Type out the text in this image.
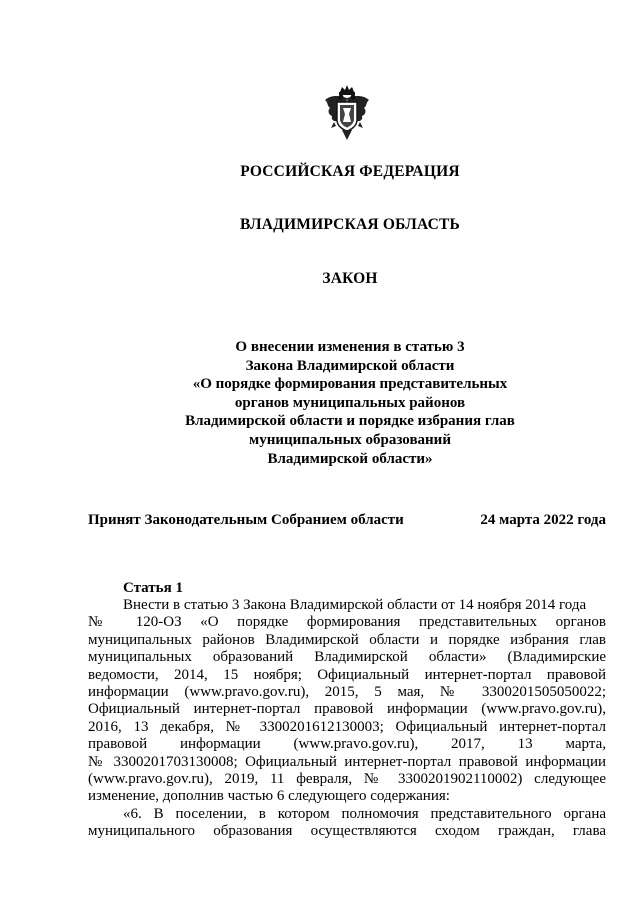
РОССИЙСКАЯ ФЕДЕРАЦИЯ
ВЛАДИМИРСКАЯ ОБЛАСТЬ
ЗАКОН
О внесении изменения в статью 3
Закона Владимирской области
«О порядке формирования представительных
органов муниципальных районов
Владимирской области и порядке избрания глав
муниципальных образований
Владимирской области»
Принят Законодательным Собранием области	24 марта 2022 года
Статья 1
Внести в статью 3 Закона Владимирской области от 14 ноября 2014 года
№ 120-ОЗ «О порядке формирования представительных органов
муниципальных районов Владимирской области и порядке избрания глав
муниципальных образований Владимирской области» (Владимирские
ведомости, 2014, 15 ноября; Официальный интернет-портал правовой
информации (www.pravo.gov.ru), 2015, 5 мая, № 3300201505050022;
Официальный интернет-портал правовой информации (www.pravo.gov.ru),
2016, 13 декабря, № 3300201612130003; Официальный интернет-портал
правовой информации (www.pravo.gov.ru), 2017, 13 марта,
№ 3300201703130008; Официальный интернет-портал правовой информации
(www.pravo.gov.ru), 2019, 11 февраля, № 3300201902110002) следующее
изменение, дополнив частью 6 следующего содержания:
«6. В поселении, в котором полномочия представительного органа
муниципального образования осуществляются сходом граждан, глава
